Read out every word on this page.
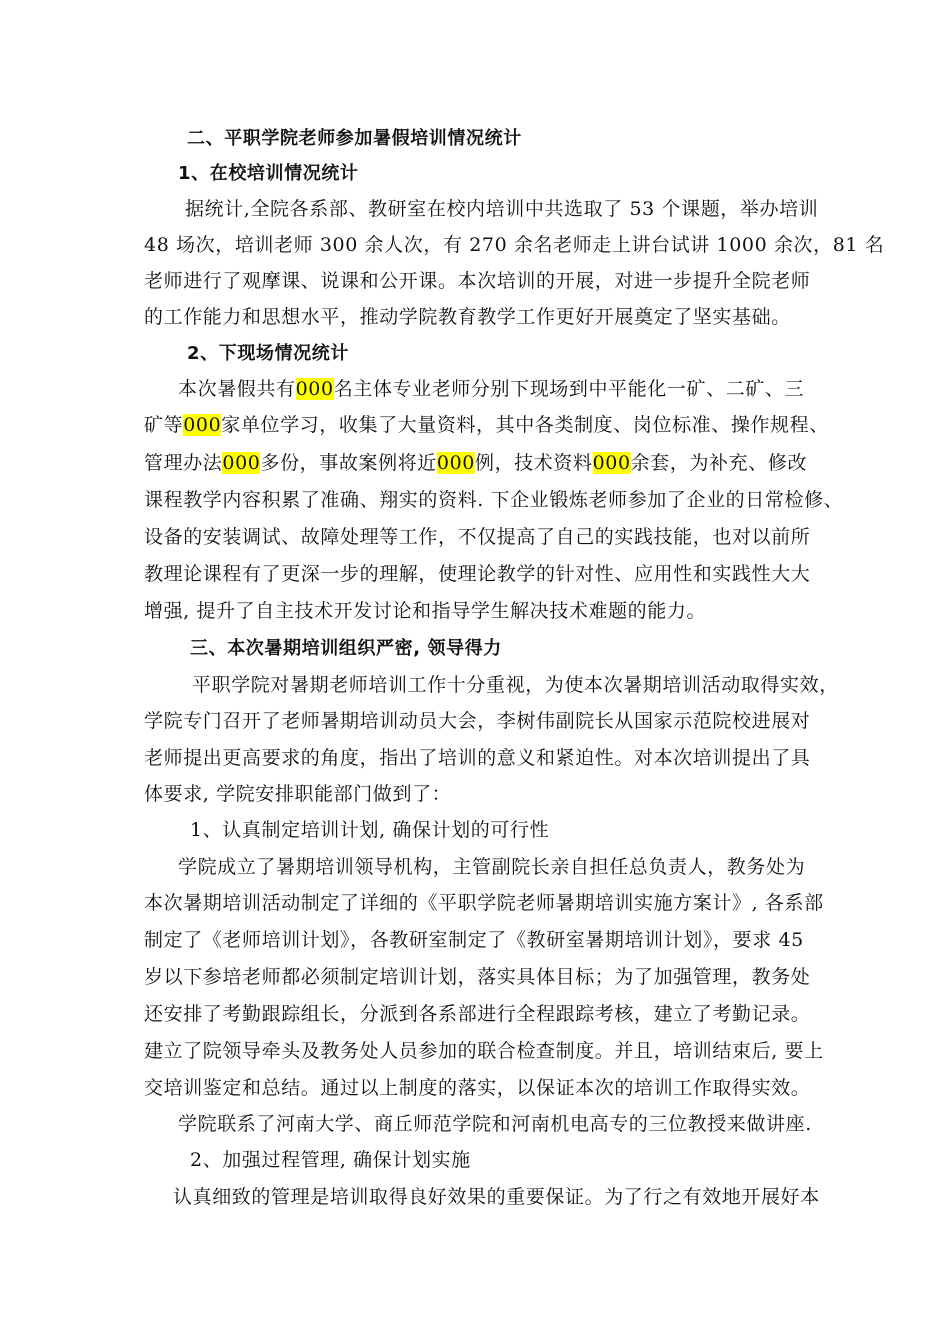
二、平职学院老师参加暑假培训情况统计
1、在校培训情况统计
据统计,全院各系部、教研室在校内培训中共选取了 53 个课题，举办培训
48 场次，培训老师 300 余人次，有 270 余名老师走上讲台试讲 1000 余次，81 名
老师进行了观摩课、说课和公开课。本次培训的开展，对进一步提升全院老师
的工作能力和思想水平，推动学院教育教学工作更好开展奠定了坚实基础。
2、下现场情况统计
本次暑假共有000名主体专业老师分别下现场到中平能化一矿、二矿、三
矿等000家单位学习，收集了大量资料，其中各类制度、岗位标准、操作规程、
管理办法000多份，事故案例将近000例，技术资料000余套，为补充、修改
课程教学内容积累了准确、翔实的资料. 下企业锻炼老师参加了企业的日常检修、
设备的安装调试、故障处理等工作，不仅提高了自己的实践技能，也对以前所
教理论课程有了更深一步的理解，使理论教学的针对性、应用性和实践性大大
增强, 提升了自主技术开发讨论和指导学生解决技术难题的能力。
三、本次暑期培训组织严密, 领导得力
平职学院对暑期老师培训工作十分重视，为使本次暑期培训活动取得实效，
学院专门召开了老师暑期培训动员大会，李树伟副院长从国家示范院校进展对
老师提出更高要求的角度，指出了培训的意义和紧迫性。对本次培训提出了具
体要求, 学院安排职能部门做到了：
1、认真制定培训计划, 确保计划的可行性
学院成立了暑期培训领导机构，主管副院长亲自担任总负责人，教务处为
本次暑期培训活动制定了详细的《平职学院老师暑期培训实施方案计》, 各系部
制定了《老师培训计划》，各教研室制定了《教研室暑期培训计划》，要求 45
岁以下参培老师都必须制定培训计划，落实具体目标；为了加强管理，教务处
还安排了考勤跟踪组长，分派到各系部进行全程跟踪考核，建立了考勤记录。
建立了院领导牵头及教务处人员参加的联合检查制度。并且，培训结束后, 要上
交培训鉴定和总结。通过以上制度的落实，以保证本次的培训工作取得实效。
学院联系了河南大学、商丘师范学院和河南机电高专的三位教授来做讲座.
2、加强过程管理, 确保计划实施
认真细致的管理是培训取得良好效果的重要保证。为了行之有效地开展好本
